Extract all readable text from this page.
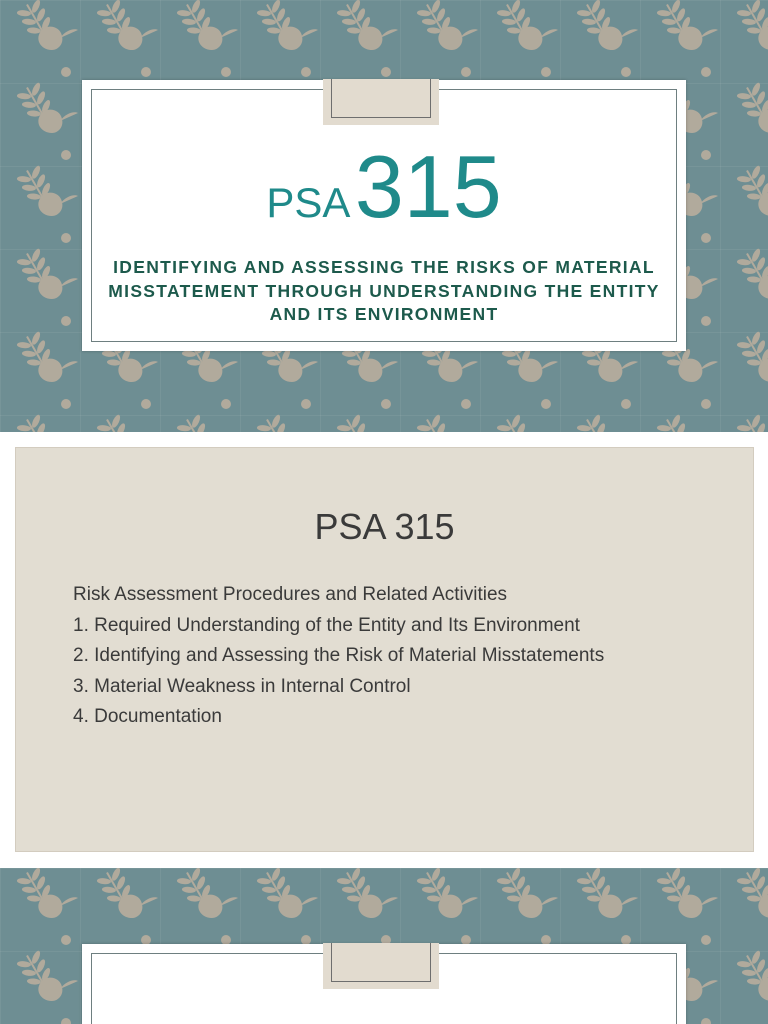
PSA 315
IDENTIFYING AND ASSESSING THE RISKS OF MATERIAL MISSTATEMENT THROUGH UNDERSTANDING THE ENTITY AND ITS ENVIRONMENT
PSA 315
Risk Assessment Procedures and Related Activities
1. Required Understanding of the Entity and Its Environment
2. Identifying and Assessing the Risk of Material Misstatements
3. Material Weakness in Internal Control
4. Documentation
